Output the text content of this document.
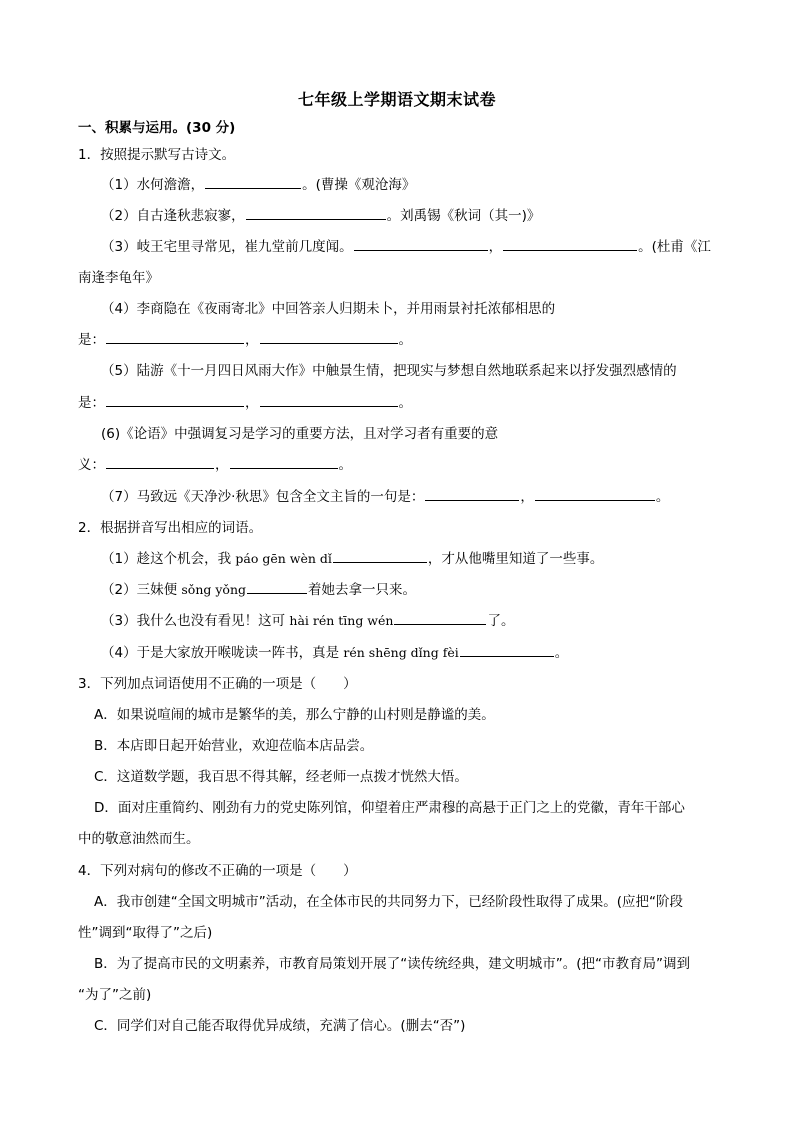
七年级上学期语文期末试卷
一、积累与运用。(30 分)
1．按照提示默写古诗文。
（1）水何澹澹，	。(曹操《观沧海》
（2）自古逢秋悲寂寥，	。刘禹锡《秋词（其一)》
（3）岐王宅里寻常见，崔九堂前几度闻。	，	。(杜甫《江
南逢李龟年》
（4）李商隐在《夜雨寄北》中回答亲人归期未卜，并用雨景衬托浓郁相思的
是：	，	。
（5）陆游《十一月四日风雨大作》中触景生情，把现实与梦想自然地联系起来以抒发强烈感情的
是：	，	。
(6)《论语》中强调复习是学习的重要方法，且对学习者有重要的意
义：	，	。
（7）马致远《天净沙·秋思》包含全文主旨的一句是：	，	。
2．根据拼音写出相应的词语。
（1）趁这个机会，我 páo gēn wèn dǐ	，才从他嘴里知道了一些事。
（2）三妹便 sǒng yǒng	着她去拿一只来。
（3）我什么也没有看见！这可 hài rén tīng wén	了。
（4）于是大家放开喉咙读一阵书，真是 rén shēng dǐng fèi	。
3．下列加点词语使用不正确的一项是（　　）
A．如果说喧闹的城市是繁华的美，那么宁静的山村则是静谧的美。
B．本店即日起开始营业，欢迎莅临本店品尝。
C．这道数学题，我百思不得其解，经老师一点拨才恍然大悟。
D．面对庄重简约、刚劲有力的党史陈列馆，仰望着庄严肃穆的高悬于正门之上的党徽，青年干部心
中的敬意油然而生。
4．下列对病句的修改不正确的一项是（　　）
A．我市创建“全国文明城市”活动，在全体市民的共同努力下，已经阶段性取得了成果。(应把“阶段
性”调到“取得了”之后)
B．为了提高市民的文明素养，市教育局策划开展了“读传统经典，建文明城市”。(把“市教育局”调到
“为了”之前)
C．同学们对自己能否取得优异成绩，充满了信心。(删去“否”)
